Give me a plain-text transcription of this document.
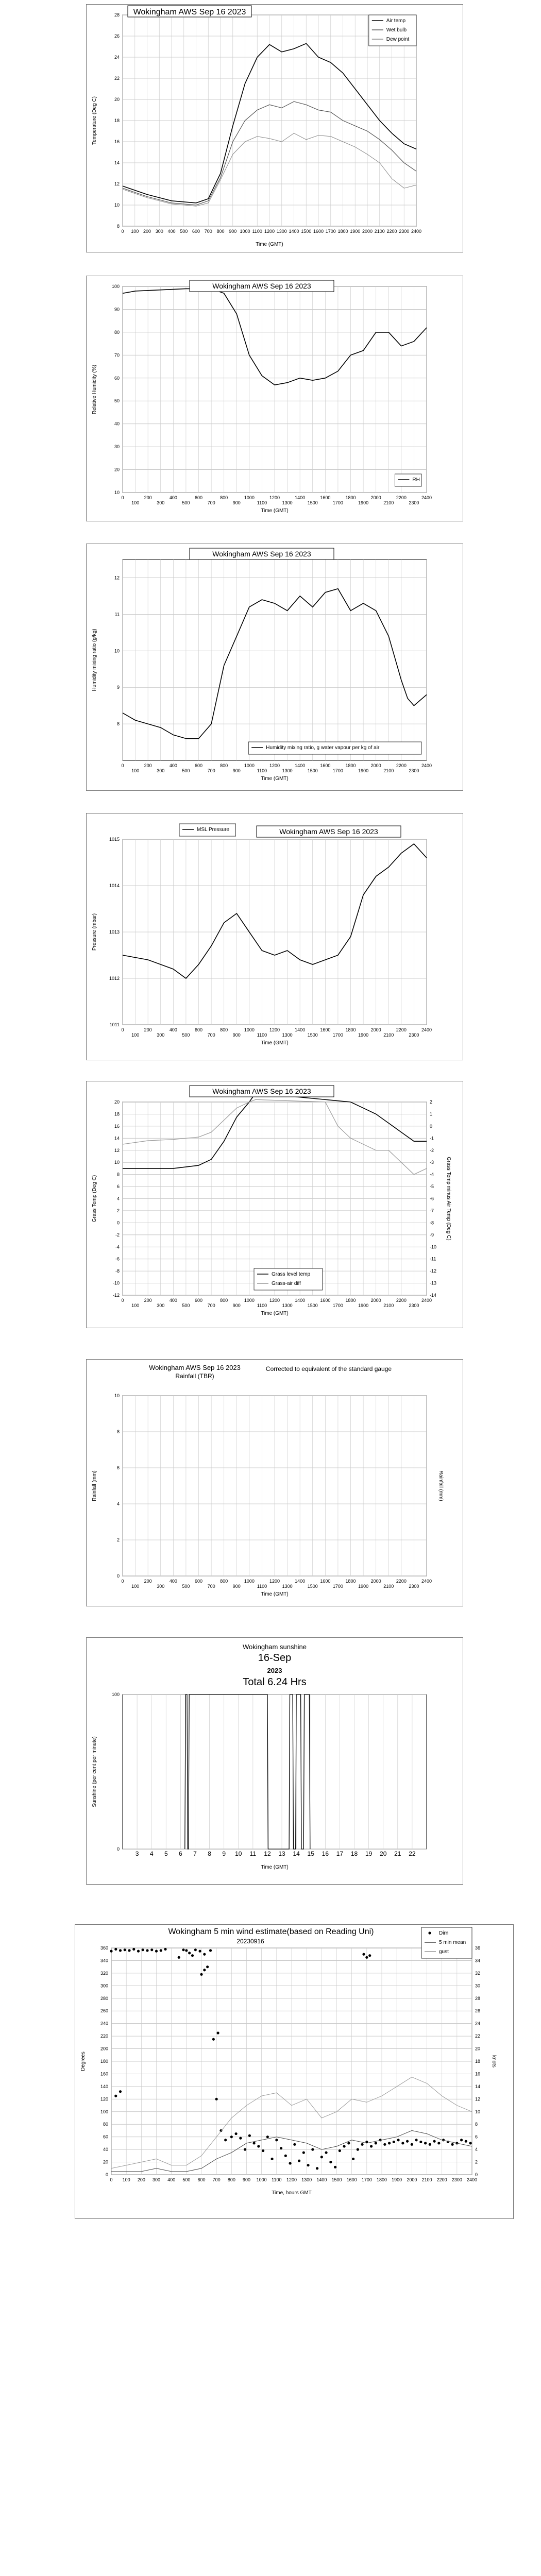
8
10
12
14
16
18
20
22
24
26
28
0 100 200 300 400 500 600 700 800 900 1000 1100 1200 1300 1400 1500 1600 1700 1800 1900 2000 2100 2200 2300 2400
Time (GMT)
Temperature (Deg C)
Wokingham AWS Sep 16 2023
Air temp
Wet bulb
Dew point
10
20
30
40
50
60
70
80
90
100
0
100
200
300
400
500
600
700
800
900
1000
1100
1200
1300
1400
1500
1600
1700
1800
1900
2000
2100
2200
2300
2400
Time (GMT)
Relative Humidity (%)
Wokingham AWS Sep 16 2023
RH
8
9
10
11
12
0
100
200
300
400
500
600
700
800
900
1000
1100
1200
1300
1400
1500
1600
1700
1800
1900
2000
2100
2200
2300
2400
Time (GMT)
Humidity mixing ratio (g/kg)
Wokingham AWS Sep 16 2023
Humidity mixing ratio, g water vapour per kg of air
1011
1012
1013
1014
1015
0
100
200
300
400
500
600
700
800
900
1000
1100
1200
1300
1400
1500
1600
1700
1800
1900
2000
2100
2200
2300
2400
Time (GMT)
Pressure (mbar)
Wokingham AWS Sep 16 2023
MSL Pressure
-12
-10
-8
-6
-4
-2
0
2
4
6
8
10
12
14
16
18
20
-14
-13
-12
-11
-10
-9
-8
-7
-6
-5
-4
-3
-2
-1
0
1
2
0
100
200
300
400
500
600
700
800
900
1000
1100
1200
1300
1400
1500
1600
1700
1800
1900
2000
2100
2200
2300
2400
Time (GMT)
Grass Temp (Deg C)	Grass Temp minus Air Temp (Deg C)
Wokingham AWS Sep 16 2023
Grass level temp
Grass-air diff
0
2
4
6
8
10
0
100
200
300
400
500
600
700
800
900
1000
1100
1200
1300
1400
1500
1600
1700
1800
1900
2000
2100
2200
2300
2400
Time (GMT)
Rainfall (mm)	Rainfall (mm)
Wokingham AWS Sep 16 2023
Rainfall (TBR)
Corrected to equivalent of the standard gauge
0
100
3 4 5 6 7 8 9 10 11 12 13 14 15 16 17 18 19 20 21 22
Time (GMT)
Sunshine (per cent per minute)
Wokingham sunshine
16-Sep
2023
Total 6.24 Hrs
0
20
40
60
80
100
120
140
160
180
200
220
240
260
280
300
320
340
360
0
2
4
6
8
10
12
14
16
18
20
22
24
26
28
30
32
34
36
0 100 200 300 400 500 600 700 800 900 1000 1100 1200 1300 1400 1500 1600 1700 1800 1900 2000 2100 2200 2300 2400
Time, hours GMT
Degrees	knots
Wokingham 5 min wind estimate(based on Reading Uni)
20230916
Dirn
5 min mean
gust
